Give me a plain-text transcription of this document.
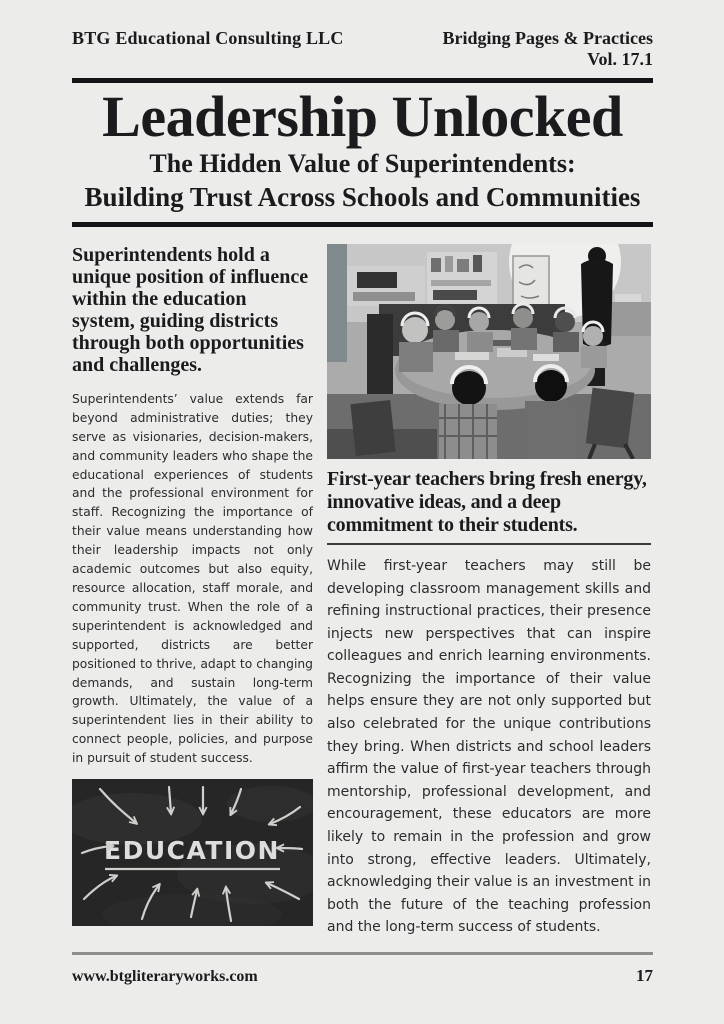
BTG Educational Consulting LLC	Bridging Pages & Practices
Vol. 17.1
Leadership Unlocked
The Hidden Value of Superintendents:
Building Trust Across Schools and Communities
Superintendents hold a unique position of influence within the education system, guiding districts through both opportunities and challenges.
Superintendents’ value extends far beyond administrative duties; they serve as visionaries, decision-makers, and community leaders who shape the educational experiences of students and the professional environment for staff. Recognizing the importance of their value means understanding how their leadership impacts not only academic outcomes but also equity, resource allocation, staff morale, and community trust. When the role of a superintendent is acknowledged and supported, districts are better positioned to thrive, adapt to changing demands, and sustain long-term growth. Ultimately, the value of a superintendent lies in their ability to connect people, policies, and purpose in pursuit of student success.
EDUCATION
First-year teachers bring fresh energy, innovative ideas, and a deep commitment to their students.
While first-year teachers may still be developing classroom management skills and refining instructional practices, their presence injects new perspectives that can inspire colleagues and enrich learning environments. Recognizing the importance of their value helps ensure they are not only supported but also celebrated for the unique contributions they bring. When districts and school leaders affirm the value of first-year teachers through mentorship, professional development, and encouragement, these educators are more likely to remain in the profession and grow into strong, effective leaders. Ultimately, acknowledging their value is an investment in both the future of the teaching profession and the long-term success of students.
www.btgliteraryworks.com	17
